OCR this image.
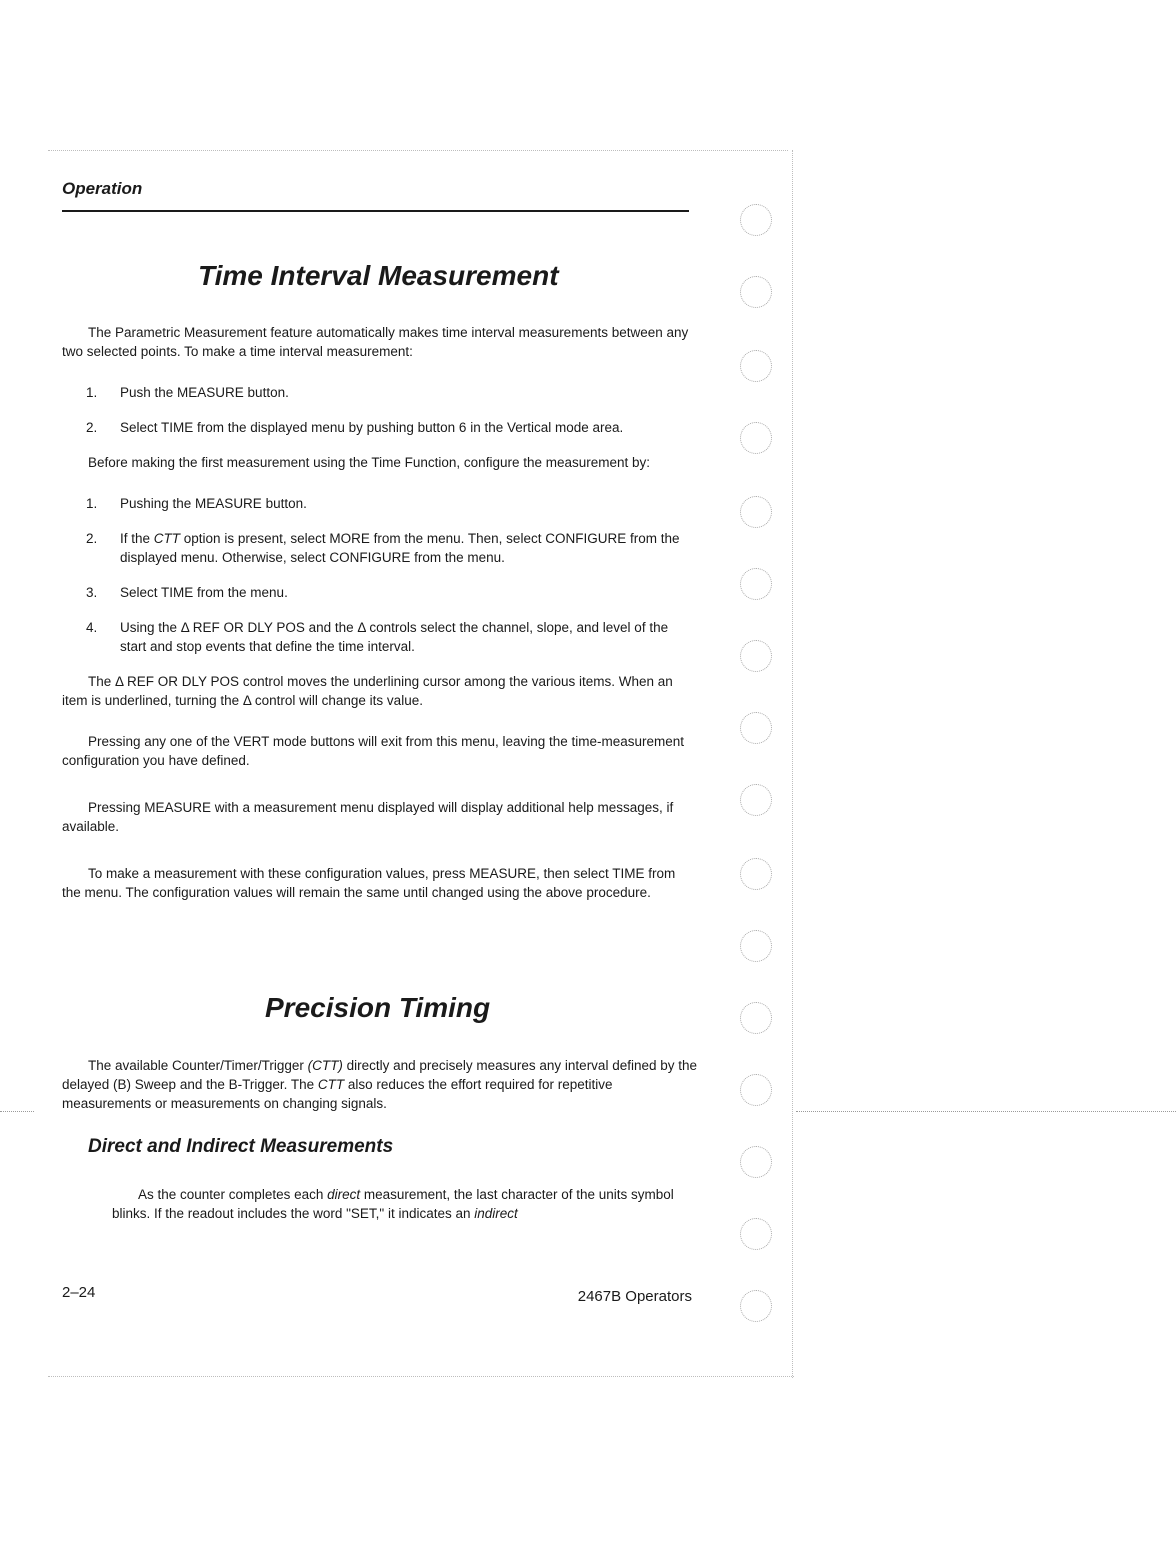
Operation
Time Interval Measurement

The Parametric Measurement feature automatically makes time interval measurements between any two selected points. To make a time interval measurement:

1. Push the MEASURE button.
2. Select TIME from the displayed menu by pushing button 6 in the Vertical mode area.

Before making the first measurement using the Time Function, configure the measurement by:

1. Pushing the MEASURE button.
2. If the CTT option is present, select MORE from the menu. Then, select CONFIGURE from the displayed menu. Otherwise, select CONFIGURE from the menu.
3. Select TIME from the menu.
4. Using the Δ REF OR DLY POS and the Δ controls select the channel, slope, and level of the start and stop events that define the time interval.

The Δ REF OR DLY POS control moves the underlining cursor among the various items. When an item is underlined, turning the Δ control will change its value.

Pressing any one of the VERT mode buttons will exit from this menu, leaving the time-measurement configuration you have defined.

Pressing MEASURE with a measurement menu displayed will display additional help messages, if available.

To make a measurement with these configuration values, press MEASURE, then select TIME from the menu. The configuration values will remain the same until changed using the above procedure.

Precision Timing

The available Counter/Timer/Trigger (CTT) directly and precisely measures any interval defined by the delayed (B) Sweep and the B-Trigger. The CTT also reduces the effort required for repetitive measurements or measurements on changing signals.

Direct and Indirect Measurements

As the counter completes each direct measurement, the last character of the units symbol blinks. If the readout includes the word "SET," it indicates an indirect

2–24	2467B Operators
